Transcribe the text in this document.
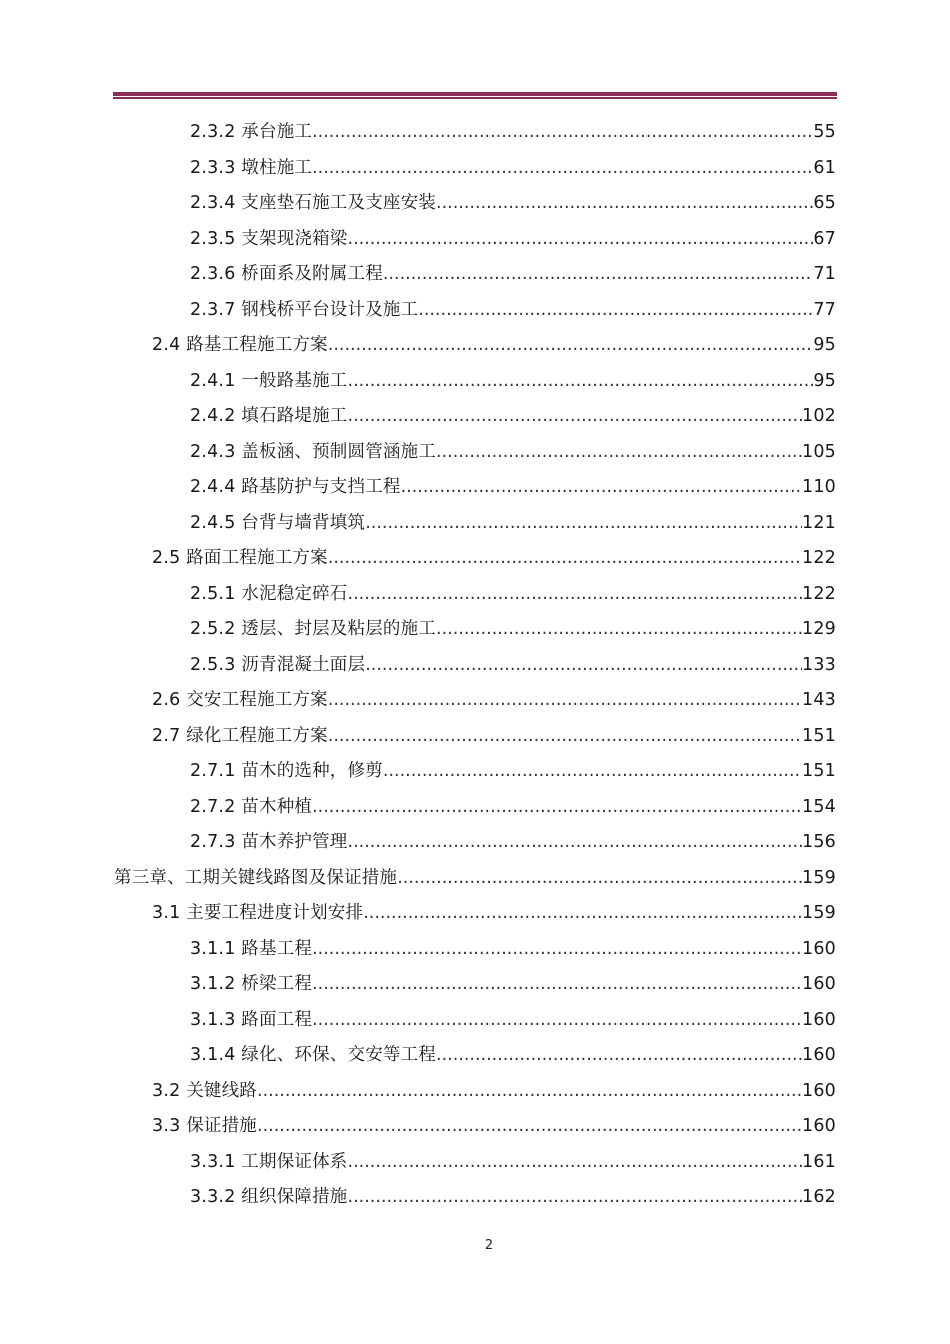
2.3.2 承台施工 .....	55
2.3.3 墩柱施工 .....	61
2.3.4 支座垫石施工及支座安装 .....	65
2.3.5 支架现浇箱梁 .....	67
2.3.6 桥面系及附属工程 .....	71
2.3.7 钢栈桥平台设计及施工 .....	77
2.4 路基工程施工方案 .....	95
2.4.1 一般路基施工 .....	95
2.4.2 填石路堤施工 .....	102
2.4.3 盖板涵、预制圆管涵施工 .....	105
2.4.4 路基防护与支挡工程 .....	110
2.4.5 台背与墙背填筑 .....	121
2.5 路面工程施工方案 .....	122
2.5.1 水泥稳定碎石 .....	122
2.5.2 透层、封层及粘层的施工 .....	129
2.5.3 沥青混凝土面层 .....	133
2.6 交安工程施工方案 .....	143
2.7 绿化工程施工方案 .....	151
2.7.1 苗木的选种，修剪 .....	151
2.7.2 苗木种植 .....	154
2.7.3 苗木养护管理 .....	156
第三章、工期关键线路图及保证措施 .....	159
3.1 主要工程进度计划安排 .....	159
3.1.1 路基工程 .....	160
3.1.2 桥梁工程 .....	160
3.1.3 路面工程 .....	160
3.1.4 绿化、环保、交安等工程 .....	160
3.2 关键线路 .....	160
3.3 保证措施 .....	160
3.3.1 工期保证体系 .....	161
3.3.2 组织保障措施 .....	162
2
